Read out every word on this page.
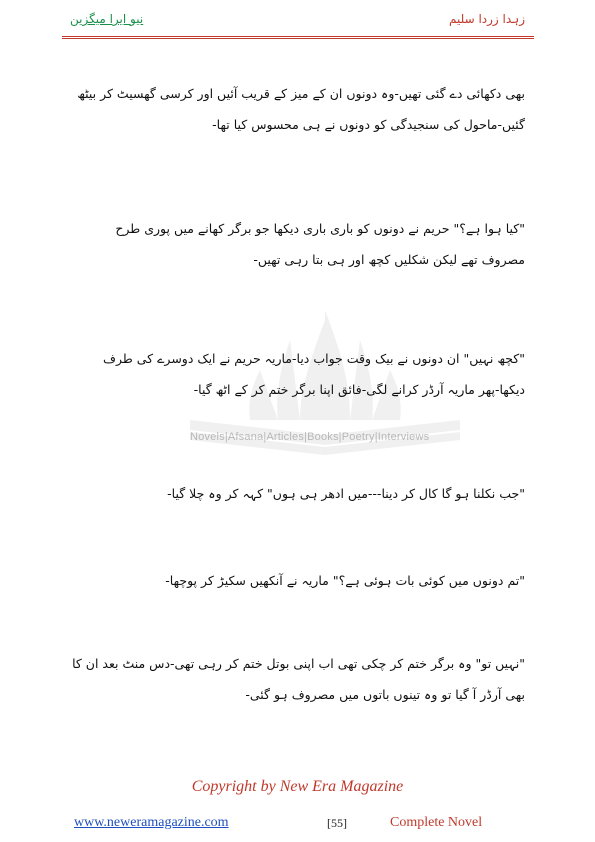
نیو ایرا میگزین	زہدا زردا سلیم
Novels|Afsana|Articles|Books|Poetry|Interviews

بھی دکھائی دے گئی تھیں-وہ دونوں ان کے میز کے قریب آئیں اور کرسی گھسیٹ کر بیٹھ گئیں-ماحول کی سنجیدگی کو دونوں نے ہی محسوس کیا تھا-

"کیا ہوا ہے؟" حریم نے دونوں کو باری باری دیکھا جو برگر کھانے میں پوری طرح مصروف تھے لیکن شکلیں کچھ اور ہی بتا رہی تھیں-

"کچھ نہیں" ان دونوں نے بیک وقت جواب دیا-ماریہ حریم نے ایک دوسرے کی طرف دیکھا-پھر ماریہ آرڈر کرانے لگی-فائق اپنا برگر ختم کر کے اٹھ گیا-

"جب نکلنا ہو گا کال کر دینا---میں ادھر ہی ہوں" کہہ کر وہ چلا گیا-

"تم دونوں میں کوئی بات ہوئی ہے؟" ماریہ نے آنکھیں سکیڑ کر پوچھا-

"نہیں تو" وہ برگر ختم کر چکی تھی اب اپنی بوتل ختم کر رہی تھی-دس منٹ بعد ان کا بھی آرڈر آ گیا تو وہ تینوں باتوں میں مصروف ہو گئی-

Copyright by New Era Magazine
www.neweramagazine.com	[55]	Complete Novel
